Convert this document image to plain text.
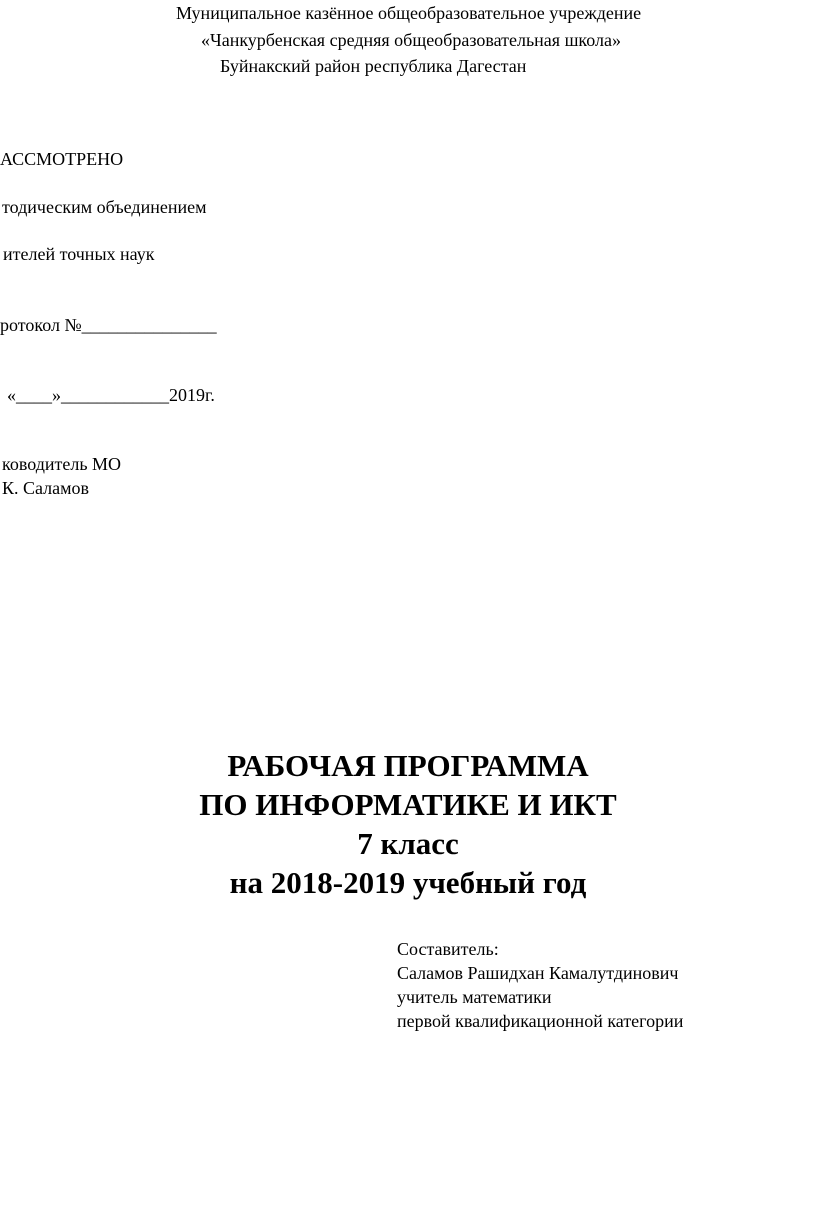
Муниципальное казённое общеобразовательное учреждение
«Чанкурбенская средняя общеобразовательная школа»
Буйнакский район республика Дагестан
АССМОТРЕНО
тодическим объединением
ителей точных наук
ротокол №_______________
«____»____________2019г.
ководитель МО
К. Саламов
РАБОЧАЯ ПРОГРАММА
ПО ИНФОРМАТИКЕ И ИКТ
7 класс
на 2018-2019 учебный год
Составитель:
Саламов Рашидхан Камалутдинович
учитель математики
первой квалификационной категории
